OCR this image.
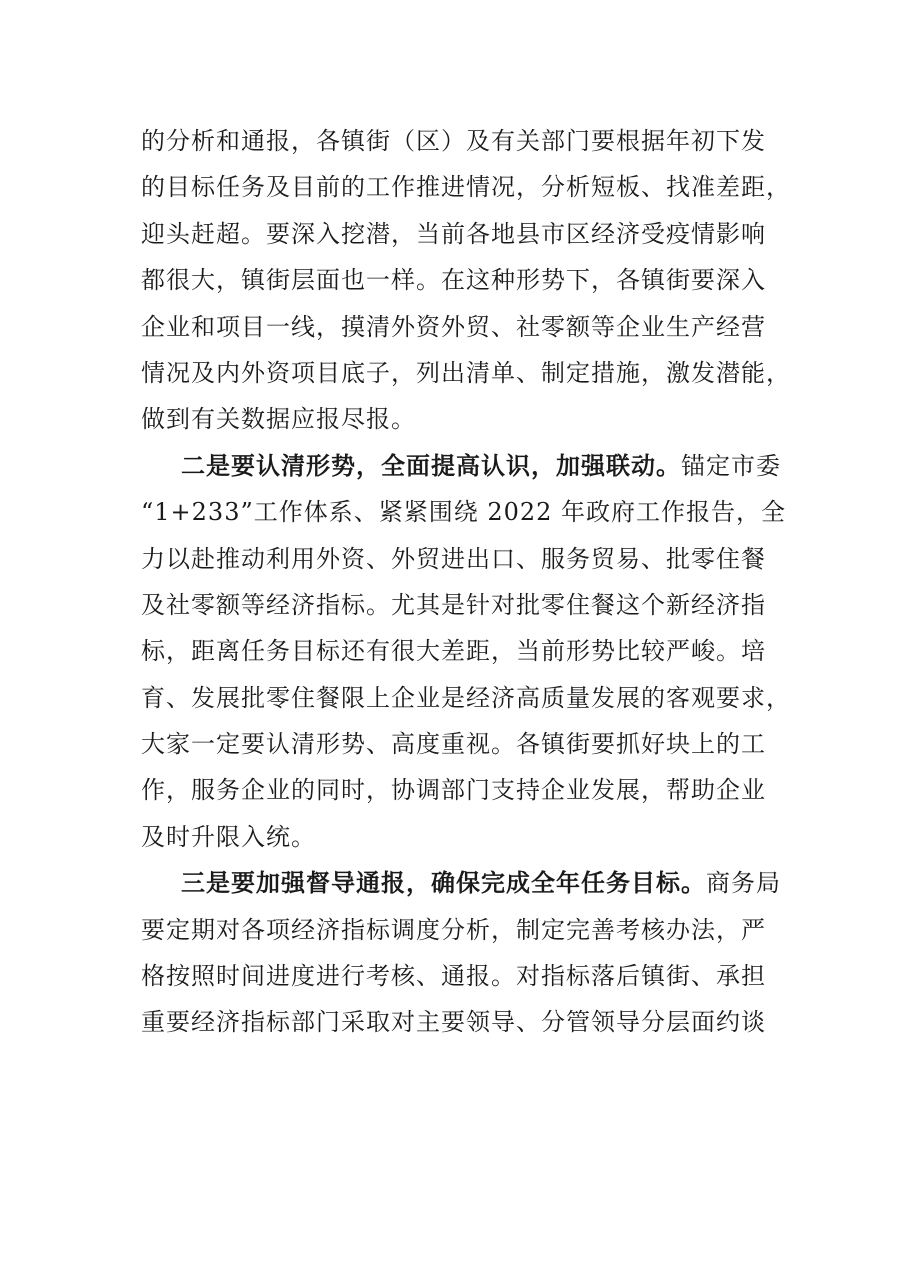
的分析和通报，各镇街（区）及有关部门要根据年初下发
的目标任务及目前的工作推进情况，分析短板、找准差距，
迎头赶超。要深入挖潜，当前各地县市区经济受疫情影响
都很大，镇街层面也一样。在这种形势下，各镇街要深入
企业和项目一线，摸清外资外贸、社零额等企业生产经营
情况及内外资项目底子，列出清单、制定措施，激发潜能，
做到有关数据应报尽报。
二是要认清形势，全面提高认识，加强联动。锚定市委
“1+233”工作体系、紧紧围绕 2022 年政府工作报告，全
力以赴推动利用外资、外贸进出口、服务贸易、批零住餐
及社零额等经济指标。尤其是针对批零住餐这个新经济指
标，距离任务目标还有很大差距，当前形势比较严峻。培
育、发展批零住餐限上企业是经济高质量发展的客观要求，
大家一定要认清形势、高度重视。各镇街要抓好块上的工
作，服务企业的同时，协调部门支持企业发展，帮助企业
及时升限入统。
三是要加强督导通报，确保完成全年任务目标。商务局
要定期对各项经济指标调度分析，制定完善考核办法，严
格按照时间进度进行考核、通报。对指标落后镇街、承担
重要经济指标部门采取对主要领导、分管领导分层面约谈
